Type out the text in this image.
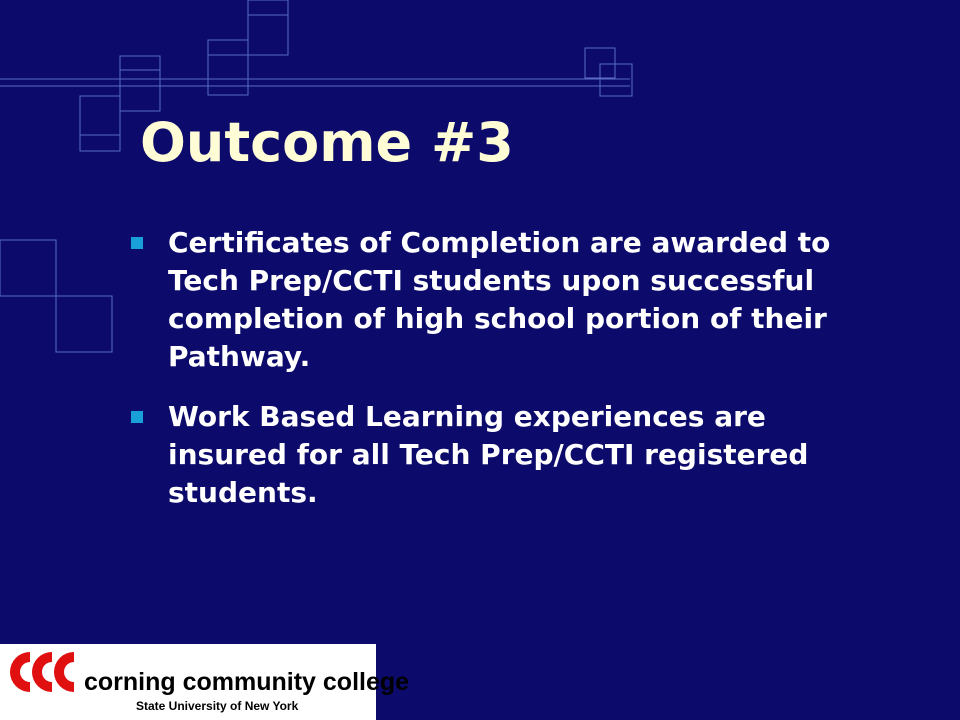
Outcome #3
Certificates of Completion are awarded to Tech Prep/CCTI students upon successful completion of high school portion of their Pathway.
Work Based Learning experiences are insured for all Tech Prep/CCTI registered students.
corning community college
State University of New York
